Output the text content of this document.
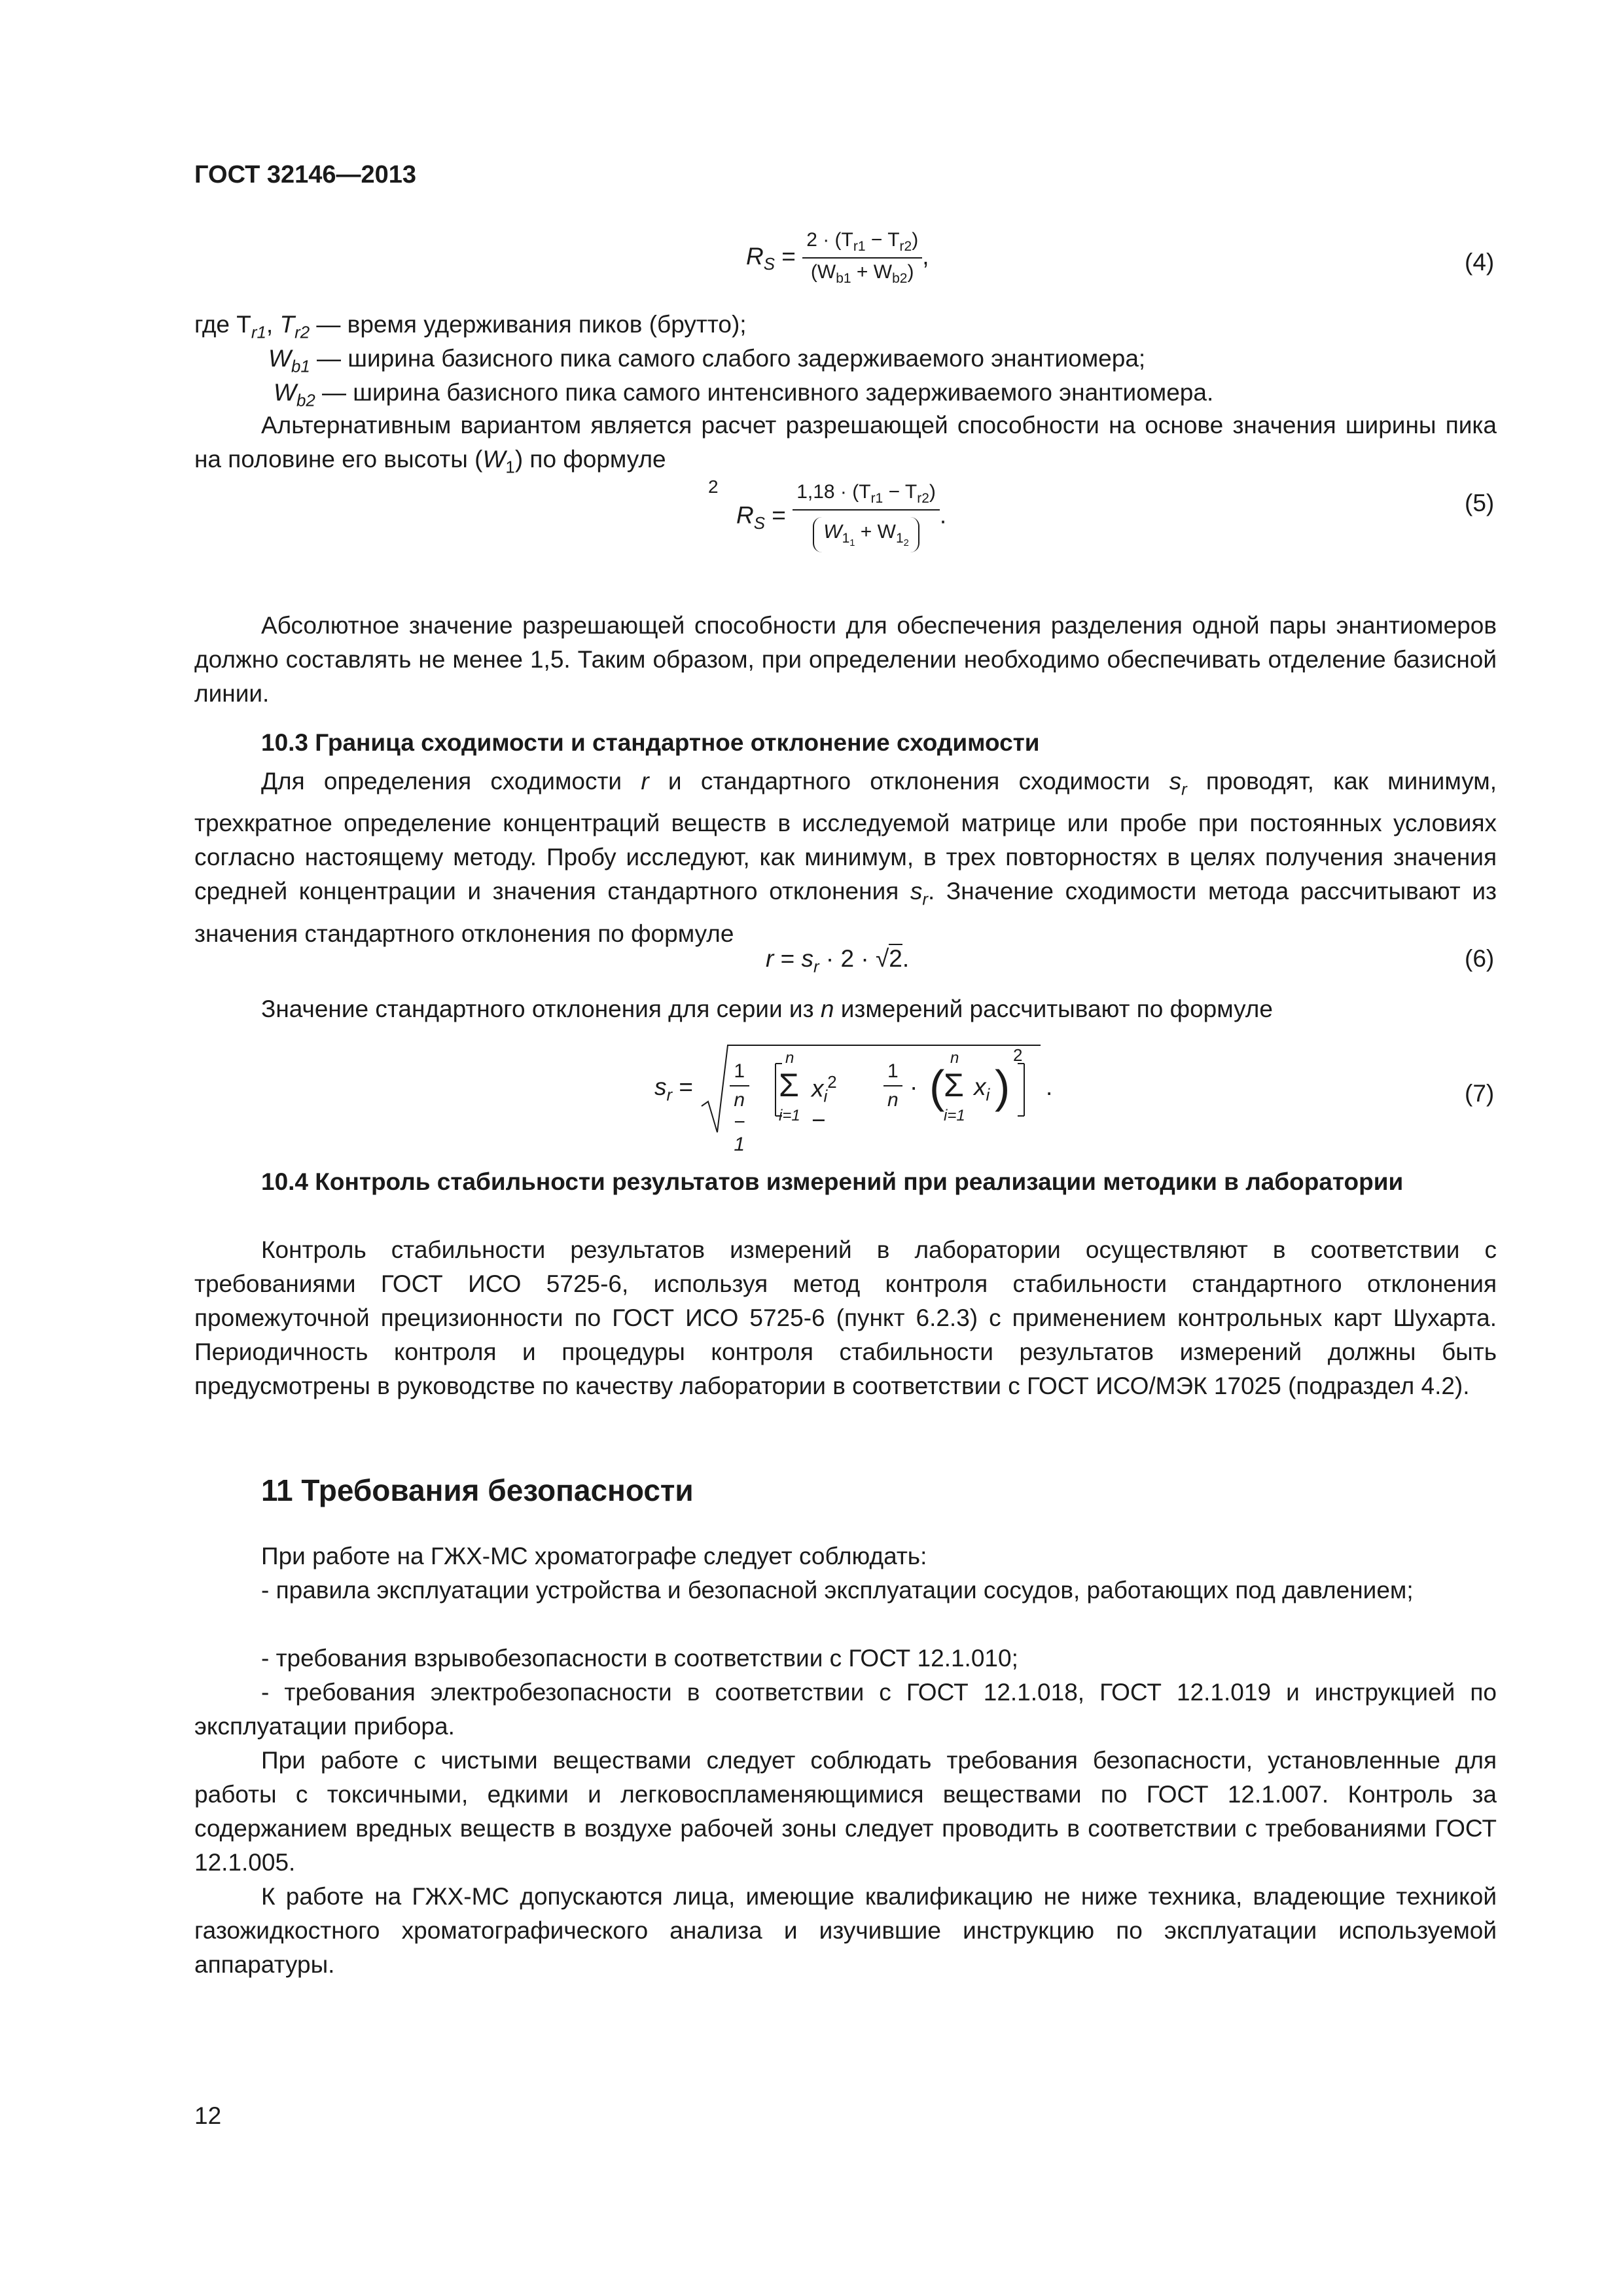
ГОСТ 32146—2013
$R_S = \frac{2 \cdot (T_{r1} - T_{r2})}{(W_{b1} + W_{b2})}$ ,	(4)
где $Т_{r1}$, $T_{r2}$ — время удерживания пиков (брутто);
$W_{b1}$ — ширина базисного пика самого слабого задерживаемого энантиомера;
$W_{b2}$ — ширина базисного пика самого интенсивного задерживаемого энантиомера.

Альтернативным вариантом является расчет разрешающей способности на основе значения ширины пика на половине его высоты $(W_1)$ по формуле

2
$R_S = \frac{1,18 \cdot (T_{r1} - T_{r2})}{W_{1_1} + W_{1_2}}$ .	(5)

Абсолютное значение разрешающей способности для обеспечения разделения одной пары энантиомеров должно составлять не менее 1,5. Таким образом, при определении необходимо обеспечивать отделение базисной линии.

10.3 Граница сходимости и стандартное отклонение сходимости

Для определения сходимости r и стандартного отклонения сходимости $s_r$ проводят, как минимум, трехкратное определение концентраций веществ в исследуемой матрице или пробе при постоянных условиях согласно настоящему методу. Пробу исследуют, как минимум, в трех повторностях в целях получения значения средней концентрации и значения стандартного отклонения $s_r$. Значение сходимости метода рассчитывают из значения стандартного отклонения по формуле

$r = s_r \cdot 2 \cdot √2$.	(6)

Значение стандартного отклонения для серии из n измерений рассчитывают по формуле

$s_r = \frac{1}{n - 1}$
n
Σ
i=1
$x_i^2$ −
$\frac{1}{n}$ · (
n
Σ
i=1
$x_i$ )
2
.	(7)

10.4 Контроль стабильности результатов измерений при реализации методики в лаборатории

Контроль стабильности результатов измерений в лаборатории осуществляют в соответствии с требованиями ГОСТ ИСО 5725-6, используя метод контроля стабильности стандартного отклонения промежуточной прецизионности по ГОСТ ИСО 5725-6 (пункт 6.2.3) с применением контрольных карт Шухарта. Периодичность контроля и процедуры контроля стабильности результатов измерений должны быть предусмотрены в руководстве по качеству лаборатории в соответствии с ГОСТ ИСО/МЭК 17025 (подраздел 4.2).

11 Требования безопасности

При работе на ГЖХ-МС хроматографе следует соблюдать:

- правила эксплуатации устройства и безопасной эксплуатации сосудов, работающих под давлением;

- требования взрывобезопасности в соответствии с ГОСТ 12.1.010;

- требования электробезопасности в соответствии с ГОСТ 12.1.018, ГОСТ 12.1.019 и инструкцией по эксплуатации прибора.

При работе с чистыми веществами следует соблюдать требования безопасности, установленные для работы с токсичными, едкими и легковоспламеняющимися веществами по ГОСТ 12.1.007. Контроль за содержанием вредных веществ в воздухе рабочей зоны следует проводить в соответствии с требованиями ГОСТ 12.1.005.

К работе на ГЖХ-МС допускаются лица, имеющие квалификацию не ниже техника, владеющие техникой газожидкостного хроматографического анализа и изучившие инструкцию по эксплуатации используемой аппаратуры.

12
